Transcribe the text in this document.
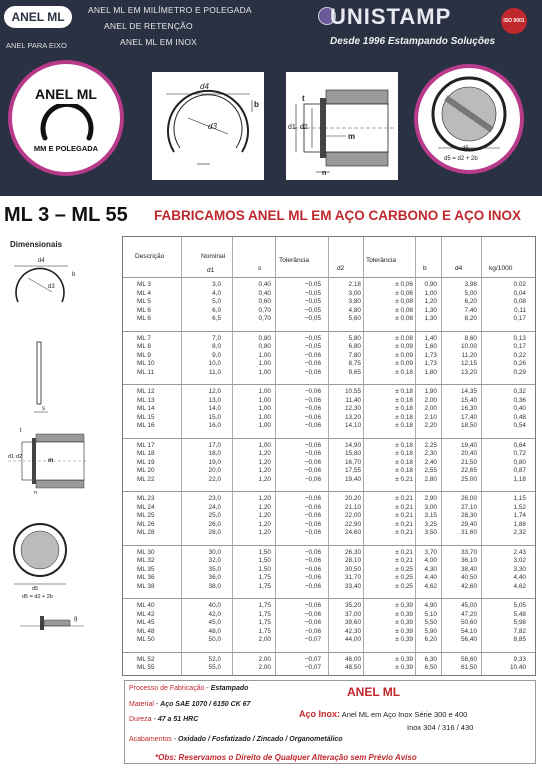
ANEL ML
ANEL PARA EIXO
ANEL ML EM MILÍMETRO E POLEGADA
ANEL DE RETENÇÃO
ANEL ML EM INOX
UNISTAMP	ISO 9001
Desde 1996 Estampando Soluções
ANEL ML
MM E POLEGADA
d4
b
d3
t
d1 d2
m
n
d5
d5 = d2 + 2b
ML 3 – ML 55 FABRICAMOS ANEL ML EM AÇO CARBONO E AÇO INOX
Dimensionais
d4
b
d3
s
t
d1 d2
m
n
d5
d5 = d2 + 2b
g
Descrição	Nominal
d1	s
Tolerância
d2
Tolerância
b	d4	kg/1000
ML 3	3,0	0,40	−0,05	2,18	± 0,06 0,90	3,98	0,02
ML 4	4,0	0,40	−0,05	3,00	± 0,06 1,00	5,00	0,04
ML 5	5,0	0,60	−0,05	3,80	± 0,08 1,20	6,20	0,08
ML 6	6,0	0,70	−0,05	4,80	± 0,08 1,30	7,40	0,11
ML 6	6,5	0,70	−0,05	5,60	± 0,08 1,30	8,20	0,17
ML 7	7,0	0,80	−0,05	5,80	± 0,08 1,40	8,60	0,13
ML 8	8,0	0,80	−0,05	6,80	± 0,09 1,60	10,00	0,17
ML 9	9,0	1,00	−0,06	7,80	± 0,09 1,73	11,20	0,22
ML 10	10,0	1,00	−0,06	8,75	± 0,09 1,73	12,15	0,26
ML 11	11,0	1,00	−0,06	9,65	± 0,18 1,80	13,20	0,29
ML 12	12,0	1,00	−0,06	10,55	± 0,18 1,90	14,35	0,32
ML 13	13,0	1,00	−0,06	11,40	± 0,18 2,00	15,40	0,36
ML 14	14,0	1,00	−0,06	12,30	± 0,18 2,00	16,30	0,40
ML 15	15,0	1,00	−0,06	13,20	± 0,18 2,10	17,40	0,48
ML 16	16,0	1,00	−0,06	14,10	± 0,18 2,20	18,50	0,54
ML 17	17,0	1,00	−0,06	14,90	± 0,18 2,25	19,40	0,64
ML 18	18,0	1,20	−0,06	15,80	± 0,18 2,30	20,40	0,72
ML 19	19,0	1,20	−0,06	16,70	± 0,18 2,40	21,50	0,80
ML 20	20,0	1,20	−0,06	17,55	± 0,18 2,55	22,65	0,87
ML 22	22,0	1,20	−0,06	19,40	± 0,21 2,80	25,00	1,18
ML 23	23,0	1,20	−0,06	20,20	± 0,21 2,90	26,00	1,15
ML 24	24,0	1,20	−0,06	21,10	± 0,21 3,00	27,10	1,52
ML 25	25,0	1,20	−0,06	22,00	± 0,21 3,15	28,30	1,74
ML 26	26,0	1,20	−0,06	22,90	± 0,21 3,25	29,40	1,88
ML 28	28,0	1,20	−0,06	24,60	± 0,21 3,50	31,60	2,32
ML 30	30,0	1,50	−0,06	26,30	± 0,21 3,70	33,70	2,43
ML 32	32,0	1,50	−0,06	28,10	± 0,21 4,00	36,10	3,02
ML 35	35,0	1,50	−0,06	30,50	± 0,25 4,30	38,40	3,30
ML 36	36,0	1,75	−0,06	31,70	± 0,25 4,40	40,50	4,40
ML 38	38,0	1,75	−0,06	33,40	± 0,25 4,62	42,60	4,62
ML 40	40,0	1,75	−0,06	35,20	± 0,39 4,90	45,00	5,05
ML 42	42,0	1,75	−0,06	37,00	± 0,39 5,10	47,20	5,48
ML 45	45,0	1,75	−0,06	39,60	± 0,39 5,50	50,60	5,98
ML 48	48,0	1,75	−0,06	42,30	± 0,39 5,90	54,10	7,82
ML 50	50,0	2,00	−0,07	44,00	± 0,39 6,20	56,40	8,85
ML 52	52,0	2,00	−0,07	46,00	± 0,39 6,30	58,60	9,33
ML 55	55,0	2,00	−0,07	48,50	± 0,39 6,50	61,50	10,40
Processo de Fabricação - Estampado
Material - Aço SAE 1070 / 6150 CK 67
Dureza - 47 a 51 HRC
Acabamentos - Oxidado / Fosfatizado / Zincado / Organometálico
ANEL ML
Aço Inox: Anel ML em Aço Inox Série 300 e 400
Inox 304 / 316 / 430
*Obs: Reservamos o Direito de Qualquer Alteração sem Prévio Aviso
